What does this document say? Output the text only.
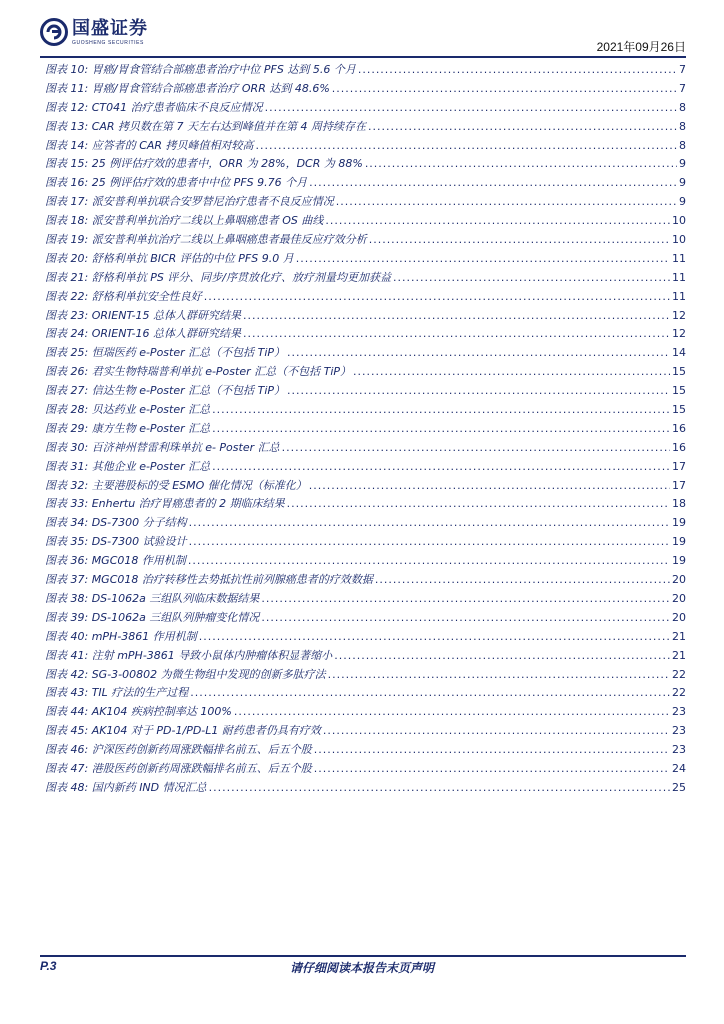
国盛证券
GUOSHENG SECURITIES	2021年09月26日
图表 10: 胃癌/胃食管结合部癌患者治疗中位 PFS 达到 5.6 个月 .....	7
图表 11: 胃癌/胃食管结合部癌患者治疗 ORR 达到 48.6% .....	7
图表 12: CT041 治疗患者临床不良反应情况 .....	8
图表 13: CAR 拷贝数在第 7 天左右达到峰值并在第 4 周持续存在 .....	8
图表 14: 应答者的 CAR 拷贝峰值相对较高 .....	8
图表 15: 25 例评估疗效的患者中，ORR 为 28%，DCR 为 88% .....	9
图表 16: 25 例评估疗效的患者中中位 PFS 9.76 个月 .....	9
图表 17: 派安普利单抗联合安罗替尼治疗患者不良反应情况 .....	9
图表 18: 派安普利单抗治疗二线以上鼻咽癌患者 OS 曲线 .....	10
图表 19: 派安普利单抗治疗二线以上鼻咽癌患者最佳反应疗效分析 .....	10
图表 20: 舒格利单抗 BICR 评估的中位 PFS 9.0 月 .....	11
图表 21: 舒格利单抗 PS 评分、同步/序贯放化疗、放疗剂量均更加获益 .....	11
图表 22: 舒格利单抗安全性良好 .....	11
图表 23: ORIENT-15 总体人群研究结果 .....	12
图表 24: ORIENT-16 总体人群研究结果 .....	12
图表 25: 恒瑞医药 e-Poster 汇总（不包括 TiP） .....	14
图表 26: 君实生物特瑞普利单抗 e-Poster 汇总（不包括 TiP） .....	15
图表 27: 信达生物 e-Poster 汇总（不包括 TiP） .....	15
图表 28: 贝达药业 e-Poster 汇总 .....	15
图表 29: 康方生物 e-Poster 汇总 .....	16
图表 30: 百济神州替雷利珠单抗 e- Poster 汇总 .....	16
图表 31: 其他企业 e-Poster 汇总 .....	17
图表 32: 主要港股标的受 ESMO 催化情况（标准化） .....	17
图表 33: Enhertu 治疗胃癌患者的 2 期临床结果 .....	18
图表 34: DS-7300 分子结构 .....	19
图表 35: DS-7300 试验设计 .....	19
图表 36: MGC018 作用机制 .....	19
图表 37: MGC018 治疗转移性去势抵抗性前列腺癌患者的疗效数据 .....	20
图表 38: DS-1062a 三组队列临床数据结果 .....	20
图表 39: DS-1062a 三组队列肿瘤变化情况 .....	20
图表 40: mPH-3861 作用机制 .....	21
图表 41: 注射 mPH-3861 导致小鼠体内肿瘤体积显著缩小 .....	21
图表 42: SG-3-00802 为微生物组中发现的创新多肽疗法 .....	22
图表 43: TIL 疗法的生产过程 .....	22
图表 44: AK104 疾病控制率达 100% .....	23
图表 45: AK104 对于 PD-1/PD-L1 耐药患者仍具有疗效 .....	23
图表 46: 沪深医药创新药周涨跌幅排名前五、后五个股 .....	23
图表 47: 港股医药创新药周涨跌幅排名前五、后五个股 .....	24
图表 48: 国内新药 IND 情况汇总 .....	25
请仔细阅读本报告末页声明
P.3
